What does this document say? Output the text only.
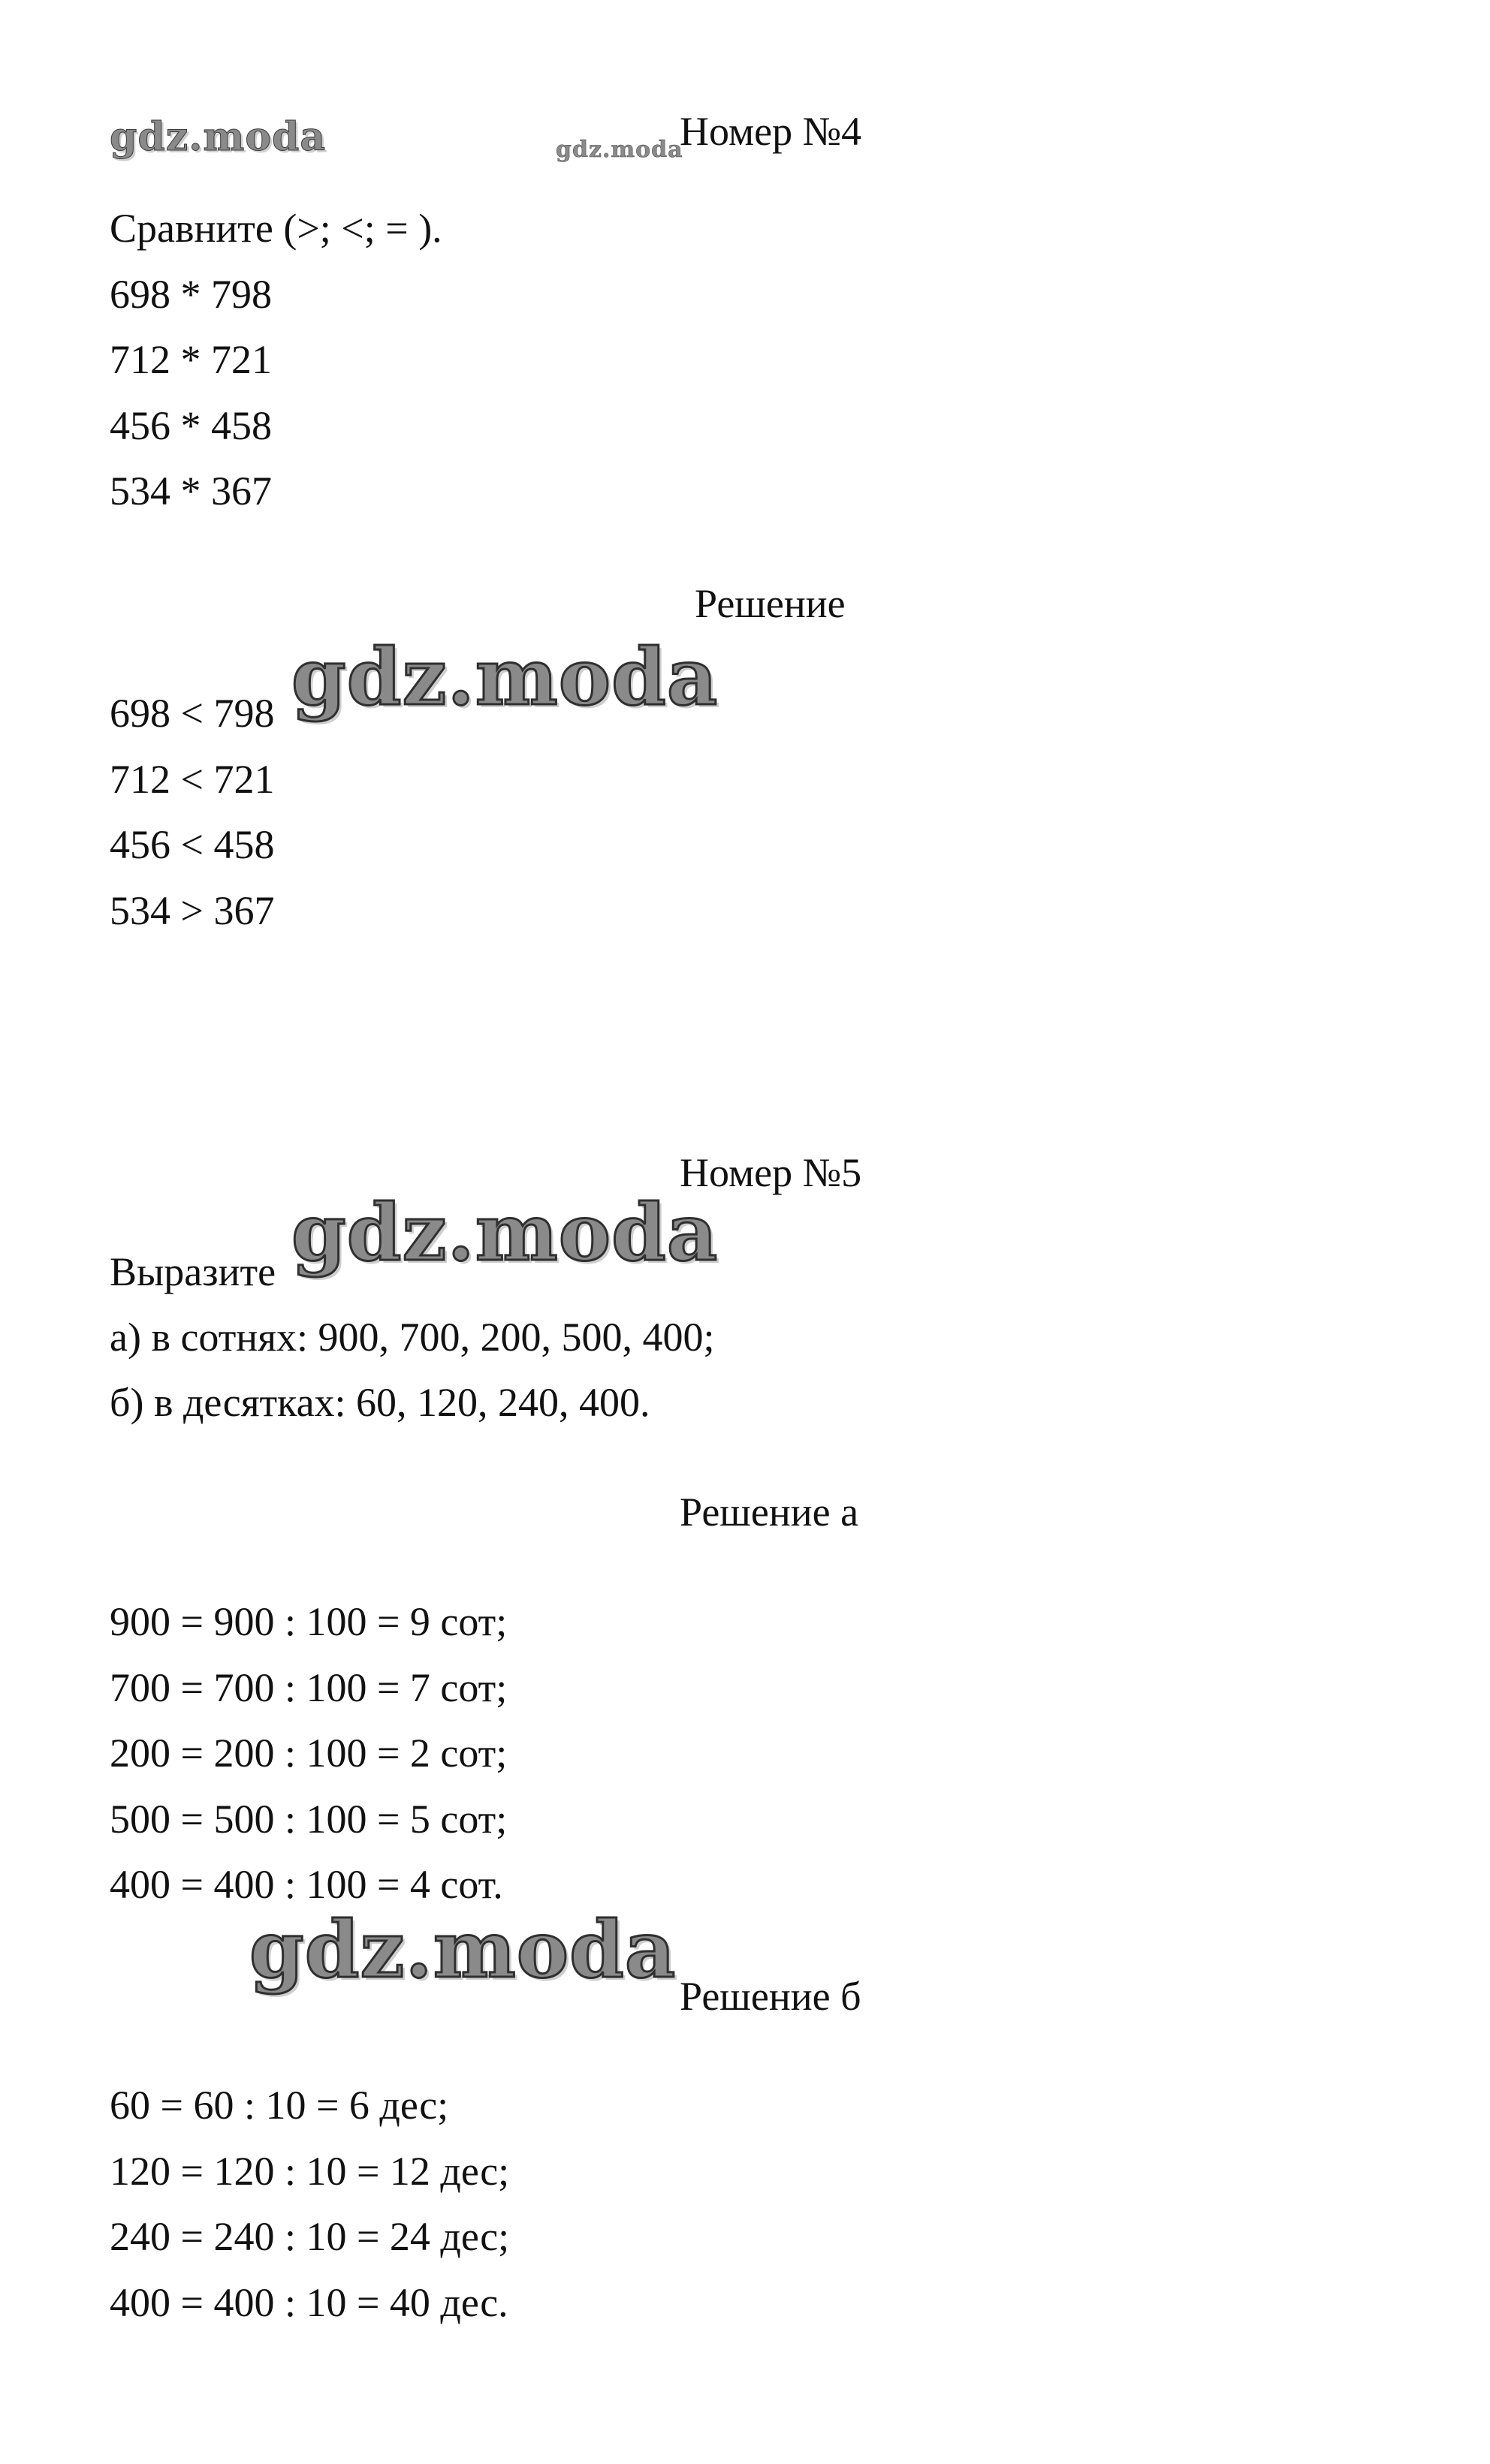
gdz.moda	gdz.moda
gdz.moda
gdz.moda
gdz.moda
Номер №4
Сравните (>; <; = ).
698 * 798
712 * 721
456 * 458
534 * 367
Решение
698 < 798
712 < 721
456 < 458
534 > 367
Номер №5
Выразите
а) в сотнях: 900, 700, 200, 500, 400;
б) в десятках: 60, 120, 240, 400.
Решение а
900 = 900 : 100 = 9 сот;
700 = 700 : 100 = 7 сот;
200 = 200 : 100 = 2 сот;
500 = 500 : 100 = 5 сот;
400 = 400 : 100 = 4 сот.
Решение б
60 = 60 : 10 = 6 дес;
120 = 120 : 10 = 12 дес;
240 = 240 : 10 = 24 дес;
400 = 400 : 10 = 40 дес.
